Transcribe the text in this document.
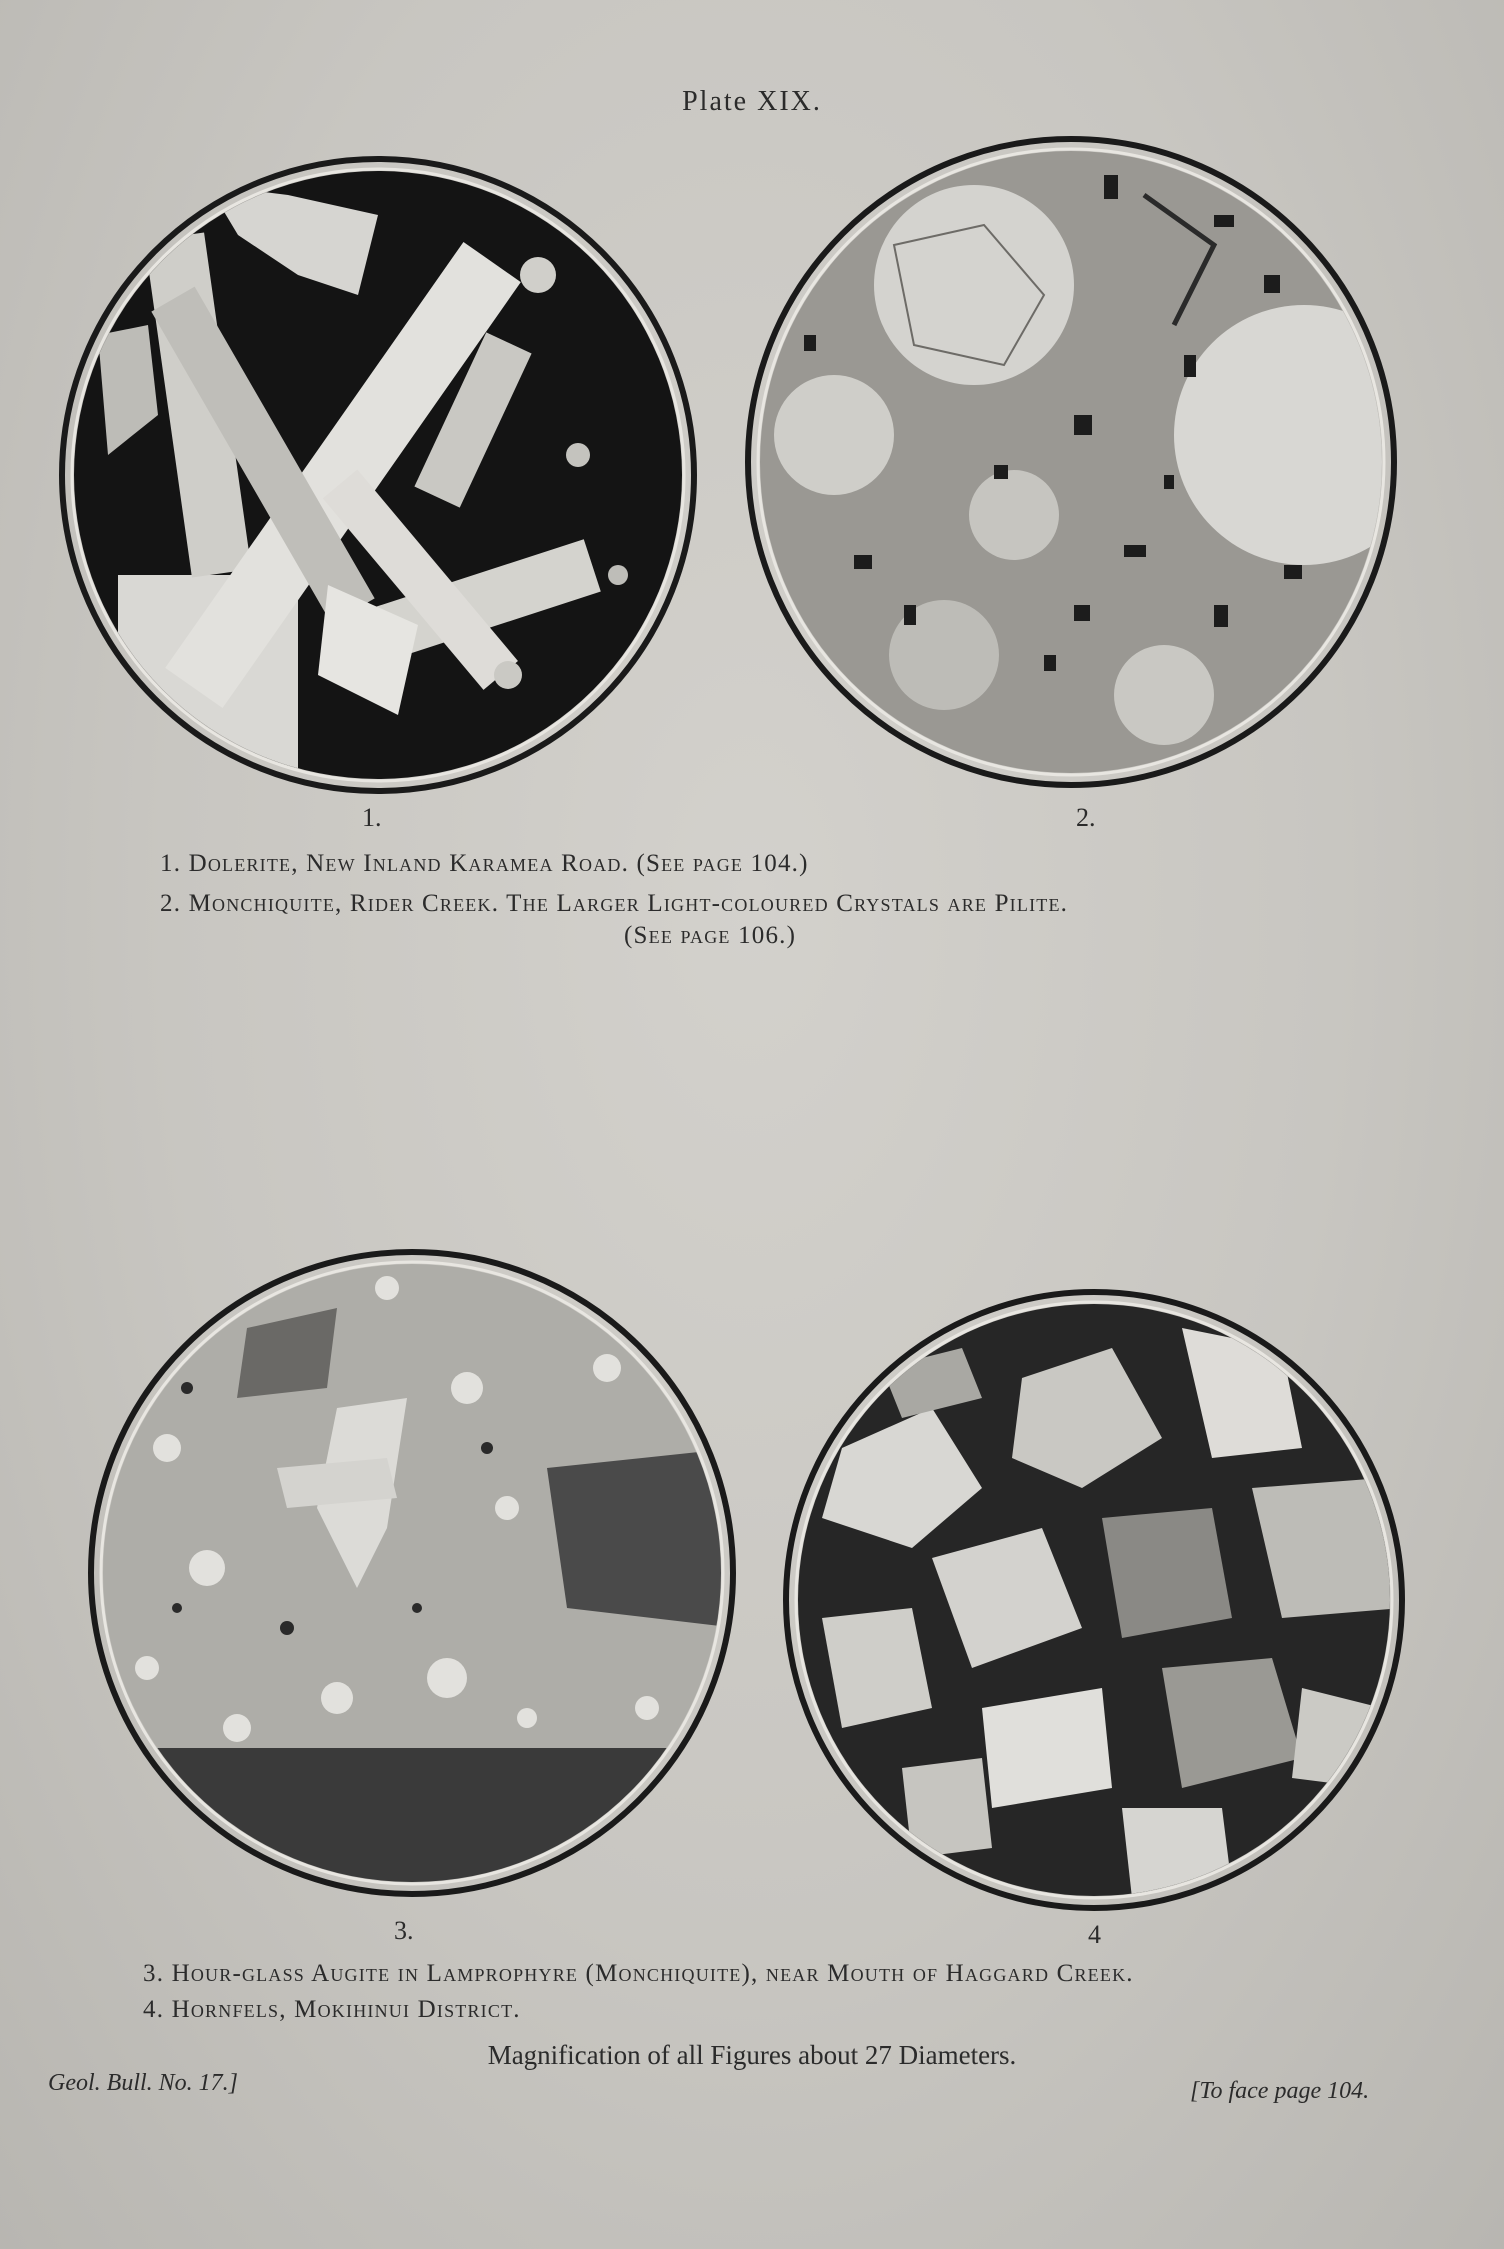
Plate XIX.
1.	2.
1. Dolerite, New Inland Karamea Road. (See page 104.)
2. Monchiquite, Rider Creek. The Larger Light-coloured Crystals are Pilite.
(See page 106.)
3.	4
3. Hour-glass Augite in Lamprophyre (Monchiquite), near Mouth of Haggard Creek.
4. Hornfels, Mokihinui District.
Magnification of all Figures about 27 Diameters.
Geol. Bull. No. 17.]	[To face page 104.
